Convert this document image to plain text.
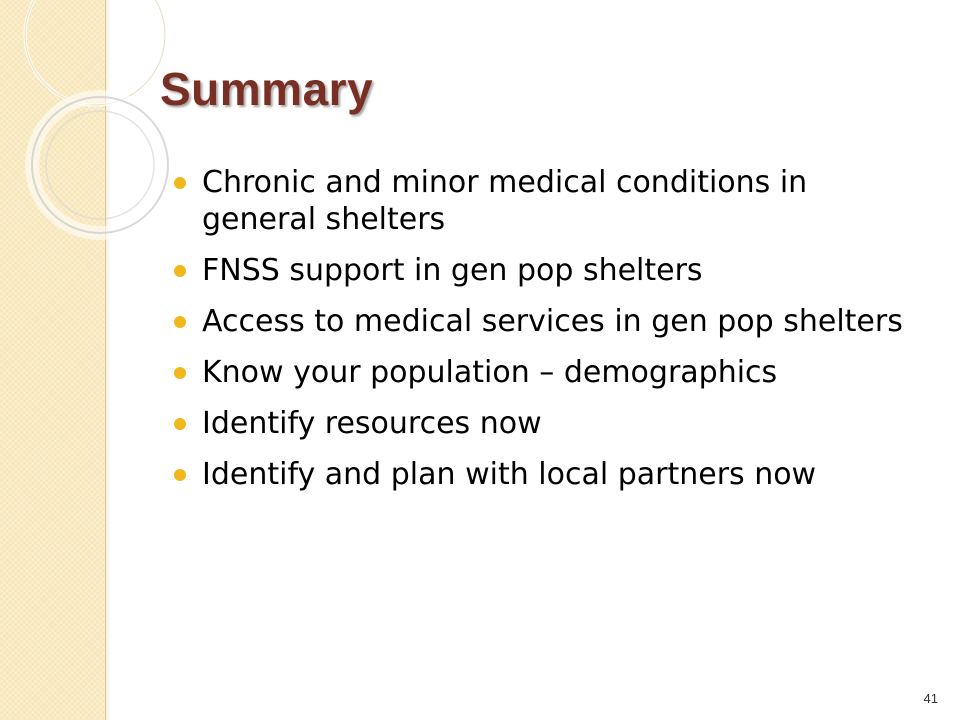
Summary
Chronic and minor medical conditions in general shelters
FNSS support in gen pop shelters
Access to medical services in gen pop shelters
Know your population – demographics
Identify resources now
Identify and plan with local partners now
41
